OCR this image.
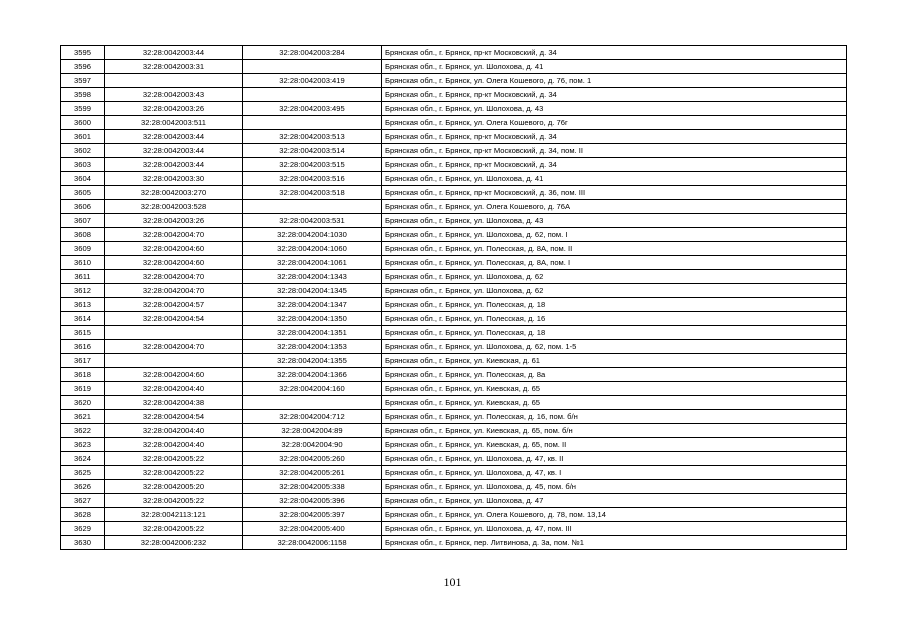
3595	32:28:0042003:44	32:28:0042003:284	Брянская обл., г. Брянск, пр-кт Московский, д. 34
3596	32:28:0042003:31		Брянская обл., г. Брянск, ул. Шолохова, д. 41
3597		32:28:0042003:419	Брянская обл., г. Брянск, ул. Олега Кошевого, д. 76, пом. 1
3598	32:28:0042003:43		Брянская обл., г. Брянск, пр-кт Московский, д. 34
3599	32:28:0042003:26	32:28:0042003:495	Брянская обл., г. Брянск, ул. Шолохова, д. 43
3600	32:28:0042003:511		Брянская обл., г. Брянск, ул. Олега Кошевого, д. 76г
3601	32:28:0042003:44	32:28:0042003:513	Брянская обл., г. Брянск, пр-кт Московский, д. 34
3602	32:28:0042003:44	32:28:0042003:514	Брянская обл., г. Брянск, пр-кт Московский, д. 34, пом. II
3603	32:28:0042003:44	32:28:0042003:515	Брянская обл., г. Брянск, пр-кт Московский, д. 34
3604	32:28:0042003:30	32:28:0042003:516	Брянская обл., г. Брянск, ул. Шолохова, д. 41
3605	32:28:0042003:270	32:28:0042003:518	Брянская обл., г. Брянск, пр-кт Московский, д. 36, пом. III
3606	32:28:0042003:528		Брянская обл., г. Брянск, ул. Олега Кошевого, д. 76А
3607	32:28:0042003:26	32:28:0042003:531	Брянская обл., г. Брянск, ул. Шолохова, д. 43
3608	32:28:0042004:70	32:28:0042004:1030	Брянская обл., г. Брянск, ул. Шолохова, д. 62, пом. I
3609	32:28:0042004:60	32:28:0042004:1060	Брянская обл., г. Брянск, ул. Полесская, д. 8А, пом. II
3610	32:28:0042004:60	32:28:0042004:1061	Брянская обл., г. Брянск, ул. Полесская, д. 8А, пом. I
3611	32:28:0042004:70	32:28:0042004:1343	Брянская обл., г. Брянск, ул. Шолохова, д. 62
3612	32:28:0042004:70	32:28:0042004:1345	Брянская обл., г. Брянск, ул. Шолохова, д. 62
3613	32:28:0042004:57	32:28:0042004:1347	Брянская обл., г. Брянск, ул. Полесская, д. 18
3614	32:28:0042004:54	32:28:0042004:1350	Брянская обл., г. Брянск, ул. Полесская, д. 16
3615		32:28:0042004:1351	Брянская обл., г. Брянск, ул. Полесская, д. 18
3616	32:28:0042004:70	32:28:0042004:1353	Брянская обл., г. Брянск, ул. Шолохова, д. 62, пом. 1-5
3617		32:28:0042004:1355	Брянская обл., г. Брянск, ул. Киевская, д. 61
3618	32:28:0042004:60	32:28:0042004:1366	Брянская обл., г. Брянск, ул. Полесская, д. 8а
3619	32:28:0042004:40	32:28:0042004:160	Брянская обл., г. Брянск, ул. Киевская, д. 65
3620	32:28:0042004:38		Брянская обл., г. Брянск, ул. Киевская, д. 65
3621	32:28:0042004:54	32:28:0042004:712	Брянская обл., г. Брянск, ул. Полесская, д. 16, пом. б/н
3622	32:28:0042004:40	32:28:0042004:89	Брянская обл., г. Брянск, ул. Киевская, д. 65, пом. б/н
3623	32:28:0042004:40	32:28:0042004:90	Брянская обл., г. Брянск, ул. Киевская, д. 65, пом. II
3624	32:28:0042005:22	32:28:0042005:260	Брянская обл., г. Брянск, ул. Шолохова, д. 47, кв. II
3625	32:28:0042005:22	32:28:0042005:261	Брянская обл., г. Брянск, ул. Шолохова, д. 47, кв. I
3626	32:28:0042005:20	32:28:0042005:338	Брянская обл., г. Брянск, ул. Шолохова, д. 45, пом. б/н
3627	32:28:0042005:22	32:28:0042005:396	Брянская обл., г. Брянск, ул. Шолохова, д. 47
3628	32:28:0042113:121	32:28:0042005:397	Брянская обл., г. Брянск, ул. Олега Кошевого, д. 78, пом. 13,14
3629	32:28:0042005:22	32:28:0042005:400	Брянская обл., г. Брянск, ул. Шолохова, д. 47, пом. III
3630	32:28:0042006:232	32:28:0042006:1158	Брянская обл., г. Брянск, пер. Литвинова, д. 3а, пом. №1
101
